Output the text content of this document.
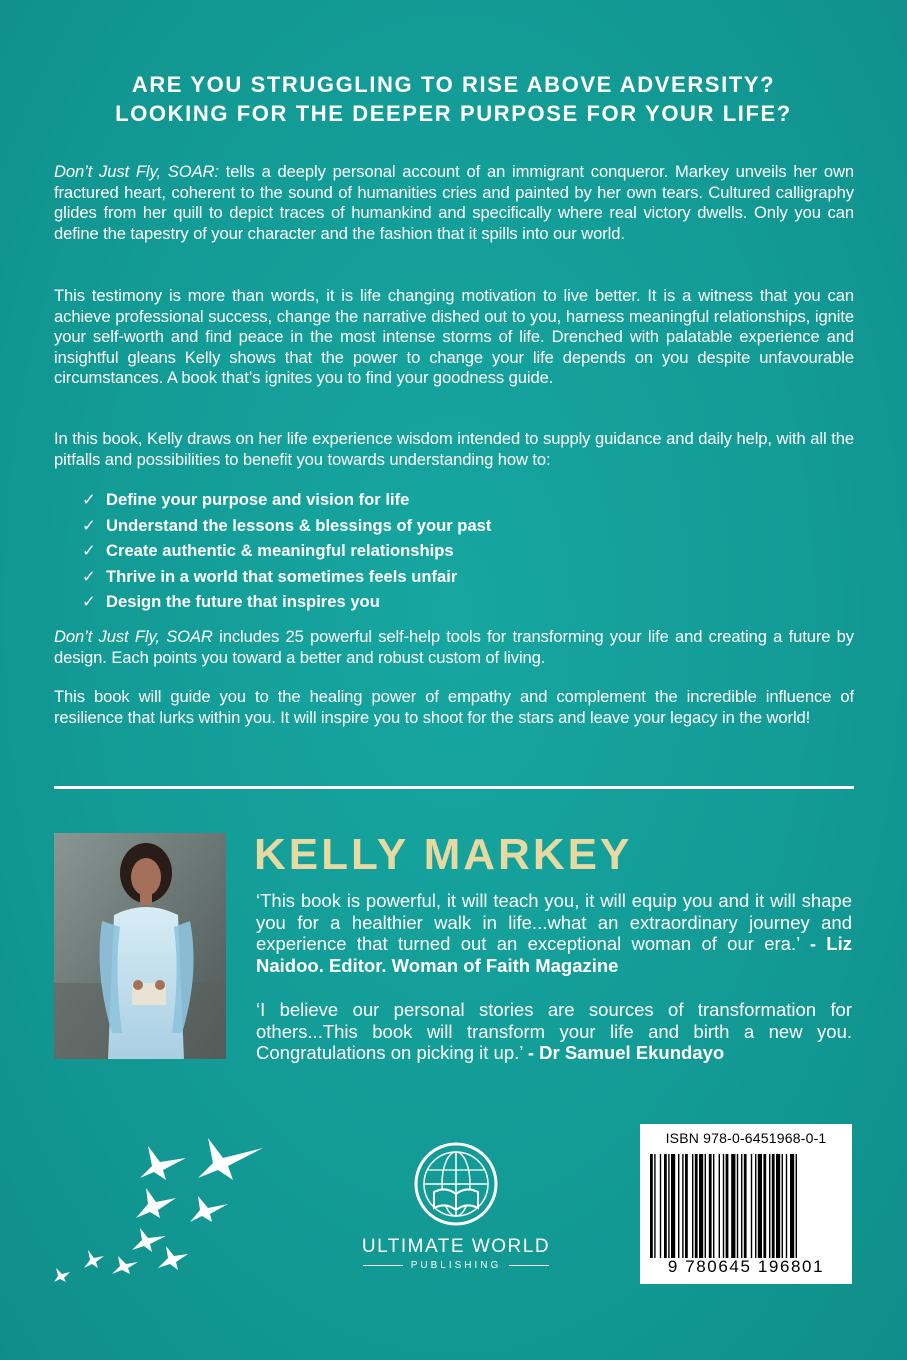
ARE YOU STRUGGLING TO RISE ABOVE ADVERSITY?
LOOKING FOR THE DEEPER PURPOSE FOR YOUR LIFE?
Don’t Just Fly, SOAR: tells a deeply personal account of an immigrant conqueror. Markey unveils her own fractured heart, coherent to the sound of humanities cries and painted by her own tears. Cultured calligraphy glides from her quill to depict traces of humankind and specifically where real victory dwells. Only you can define the tapestry of your character and the fashion that it spills into our world.
This testimony is more than words, it is life changing motivation to live better. It is a witness that you can achieve professional success, change the narrative dished out to you, harness meaningful relationships, ignite your self-worth and find peace in the most intense storms of life. Drenched with palatable experience and insightful gleans Kelly shows that the power to change your life depends on you despite unfavourable circumstances. A book that’s ignites you to find your goodness guide.
In this book, Kelly draws on her life experience wisdom intended to supply guidance and daily help, with all the pitfalls and possibilities to benefit you towards understanding how to:
✓ Define your purpose and vision for life
✓ Understand the lessons & blessings of your past
✓ Create authentic & meaningful relationships
✓ Thrive in a world that sometimes feels unfair
✓ Design the future that inspires you
Don’t Just Fly, SOAR includes 25 powerful self-help tools for transforming your life and creating a future by design. Each points you toward a better and robust custom of living.
This book will guide you to the healing power of empathy and complement the incredible influence of resilience that lurks within you. It will inspire you to shoot for the stars and leave your legacy in the world!
KELLY MARKEY
‘This book is powerful, it will teach you, it will equip you and it will shape you for a healthier walk in life...what an extraordinary journey and experience that turned out an exceptional woman of our era.’ - Liz Naidoo. Editor. Woman of Faith Magazine
‘I believe our personal stories are sources of transformation for others...This book will transform your life and birth a new you. Congratulations on picking it up.’ - Dr Samuel Ekundayo
ULTIMATE WORLD
PUBLISHING
ISBN 978-0-6451968-0-1
9 780645 196801
